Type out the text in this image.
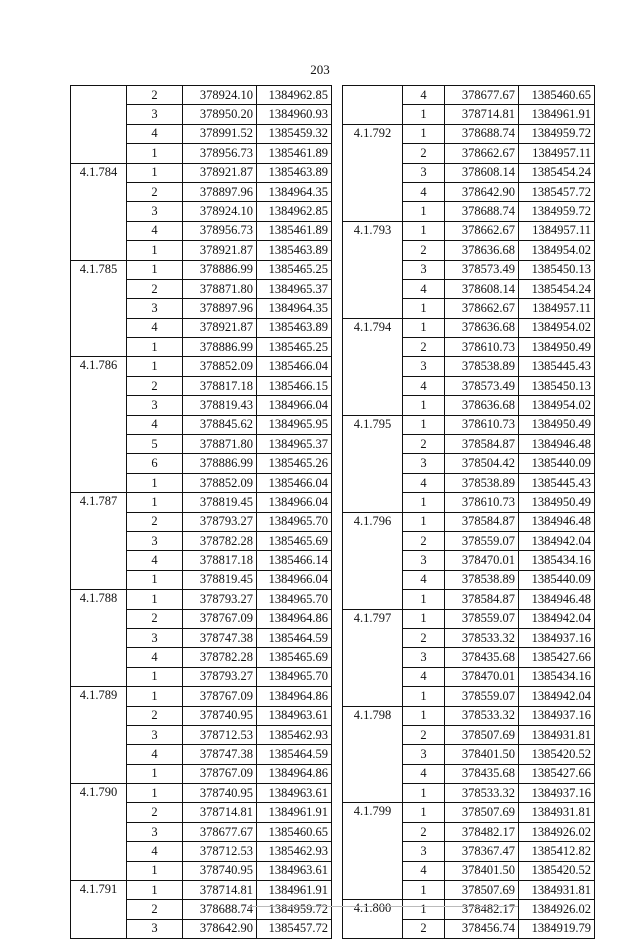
203
	2	378924.10	1384962.85
	3	378950.20	1384960.93
	4	378991.52	1385459.32
	1	378956.73	1385461.89
4.1.784	1	378921.87	1385463.89
	2	378897.96	1384964.35
	3	378924.10	1384962.85
	4	378956.73	1385461.89
	1	378921.87	1385463.89
4.1.785	1	378886.99	1385465.25
	2	378871.80	1384965.37
	3	378897.96	1384964.35
	4	378921.87	1385463.89
	1	378886.99	1385465.25
4.1.786	1	378852.09	1385466.04
	2	378817.18	1385466.15
	3	378819.43	1384966.04
	4	378845.62	1384965.95
	5	378871.80	1384965.37
	6	378886.99	1385465.26
	1	378852.09	1385466.04
4.1.787	1	378819.45	1384966.04
	2	378793.27	1384965.70
	3	378782.28	1385465.69
	4	378817.18	1385466.14
	1	378819.45	1384966.04
4.1.788	1	378793.27	1384965.70
	2	378767.09	1384964.86
	3	378747.38	1385464.59
	4	378782.28	1385465.69
	1	378793.27	1384965.70
4.1.789	1	378767.09	1384964.86
	2	378740.95	1384963.61
	3	378712.53	1385462.93
	4	378747.38	1385464.59
	1	378767.09	1384964.86
4.1.790	1	378740.95	1384963.61
	2	378714.81	1384961.91
	3	378677.67	1385460.65
	4	378712.53	1385462.93
	1	378740.95	1384963.61
4.1.791	1	378714.81	1384961.91
	2	378688.74	1384959.72
	3	378642.90	1385457.72
	4	378677.67	1385460.65
	1	378714.81	1384961.91
4.1.792	1	378688.74	1384959.72
	2	378662.67	1384957.11
	3	378608.14	1385454.24
	4	378642.90	1385457.72
	1	378688.74	1384959.72
4.1.793	1	378662.67	1384957.11
	2	378636.68	1384954.02
	3	378573.49	1385450.13
	4	378608.14	1385454.24
	1	378662.67	1384957.11
4.1.794	1	378636.68	1384954.02
	2	378610.73	1384950.49
	3	378538.89	1385445.43
	4	378573.49	1385450.13
	1	378636.68	1384954.02
4.1.795	1	378610.73	1384950.49
	2	378584.87	1384946.48
	3	378504.42	1385440.09
	4	378538.89	1385445.43
	1	378610.73	1384950.49
4.1.796	1	378584.87	1384946.48
	2	378559.07	1384942.04
	3	378470.01	1385434.16
	4	378538.89	1385440.09
	1	378584.87	1384946.48
4.1.797	1	378559.07	1384942.04
	2	378533.32	1384937.16
	3	378435.68	1385427.66
	4	378470.01	1385434.16
	1	378559.07	1384942.04
4.1.798	1	378533.32	1384937.16
	2	378507.69	1384931.81
	3	378401.50	1385420.52
	4	378435.68	1385427.66
	1	378533.32	1384937.16
4.1.799	1	378507.69	1384931.81
	2	378482.17	1384926.02
	3	378367.47	1385412.82
	4	378401.50	1385420.52
	1	378507.69	1384931.81
4.1.800	1	378482.17	1384926.02
	2	378456.74	1384919.79
